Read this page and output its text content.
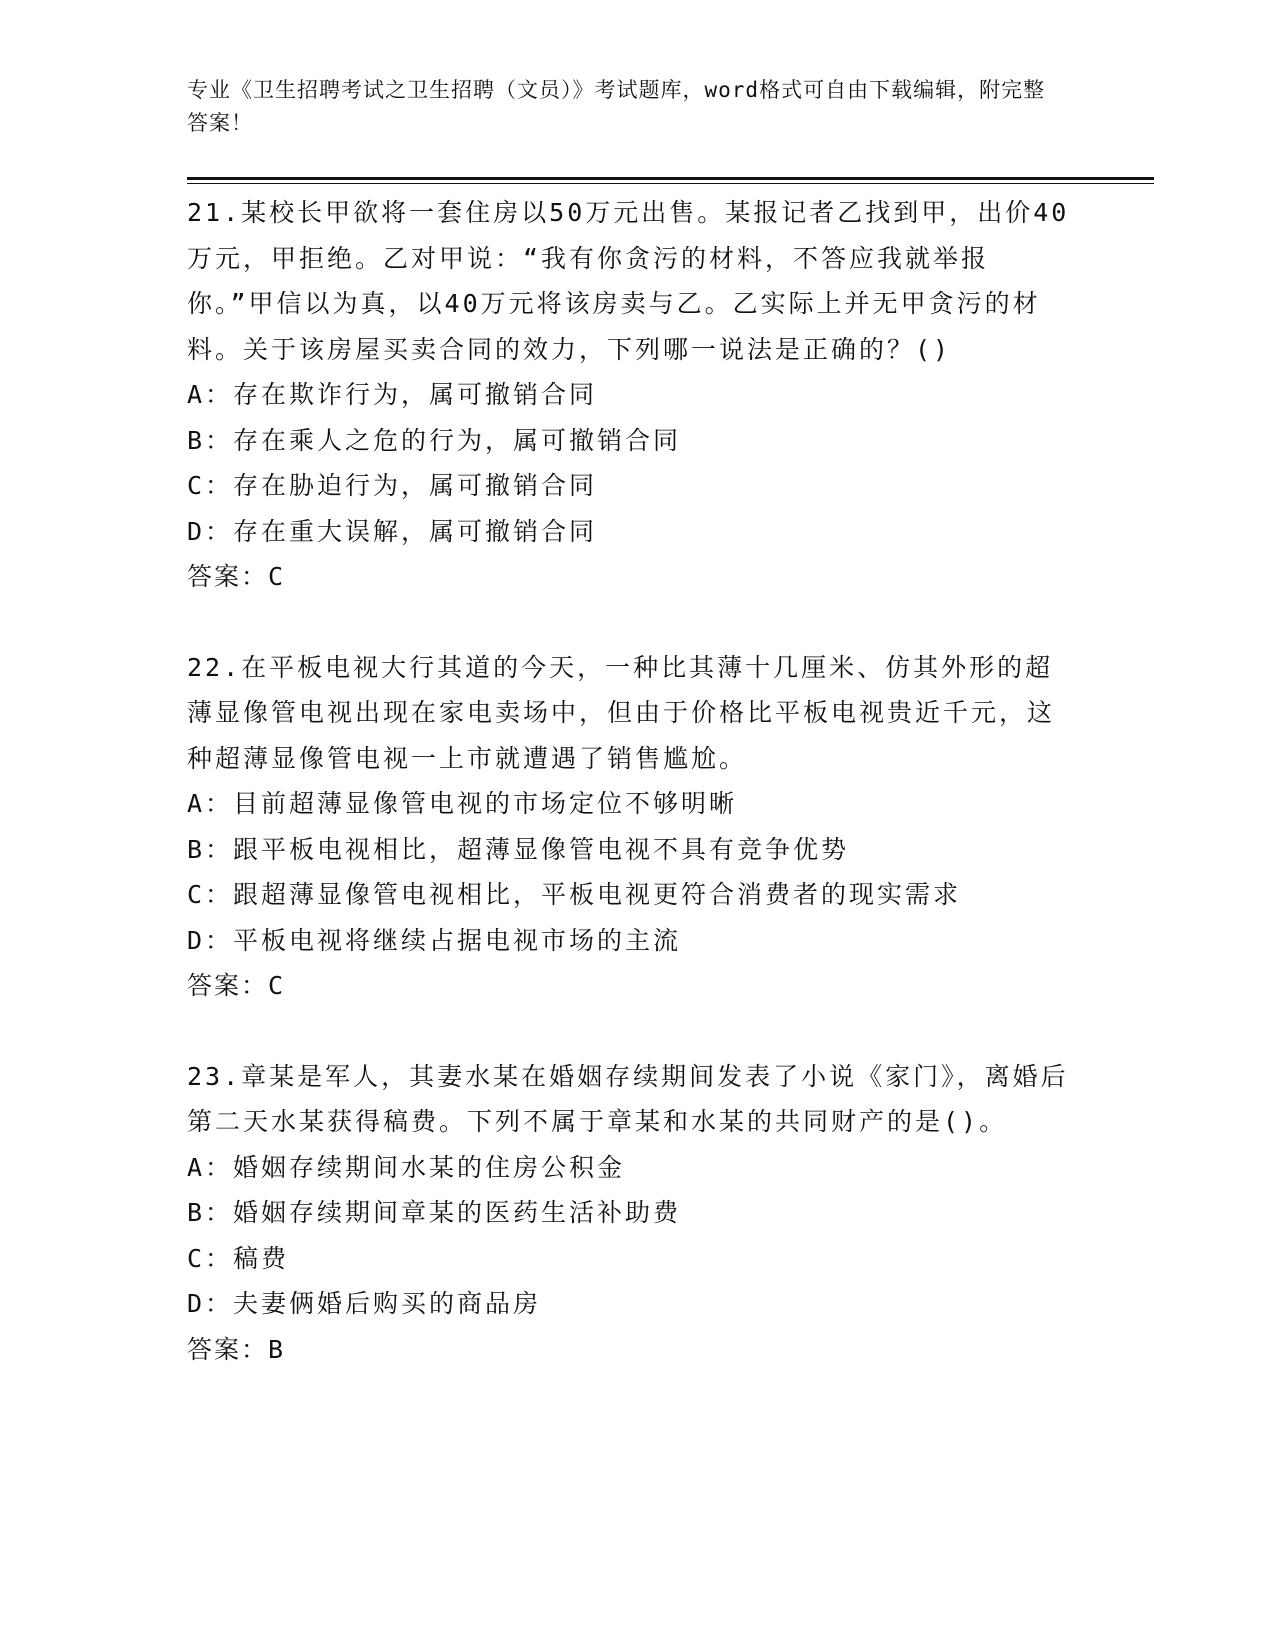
专业《卫生招聘考试之卫生招聘（文员）》考试题库，word格式可自由下载编辑，附完整答案！
21.某校长甲欲将一套住房以50万元出售。某报记者乙找到甲，出价40万元，甲拒绝。乙对甲说：“我有你贪污的材料，不答应我就举报你。”甲信以为真，以40万元将该房卖与乙。乙实际上并无甲贪污的材料。关于该房屋买卖合同的效力，下列哪一说法是正确的？()
A：存在欺诈行为，属可撤销合同
B：存在乘人之危的行为，属可撤销合同
C：存在胁迫行为，属可撤销合同
D：存在重大误解，属可撤销合同
答案：C
22.在平板电视大行其道的今天，一种比其薄十几厘米、仿其外形的超薄显像管电视出现在家电卖场中，但由于价格比平板电视贵近千元，这种超薄显像管电视一上市就遭遇了销售尴尬。
A：目前超薄显像管电视的市场定位不够明晰
B：跟平板电视相比，超薄显像管电视不具有竞争优势
C：跟超薄显像管电视相比，平板电视更符合消费者的现实需求
D：平板电视将继续占据电视市场的主流
答案：C
23.章某是军人，其妻水某在婚姻存续期间发表了小说《家门》，离婚后第二天水某获得稿费。下列不属于章某和水某的共同财产的是()。
A：婚姻存续期间水某的住房公积金
B：婚姻存续期间章某的医药生活补助费
C：稿费
D：夫妻俩婚后购买的商品房
答案：B
